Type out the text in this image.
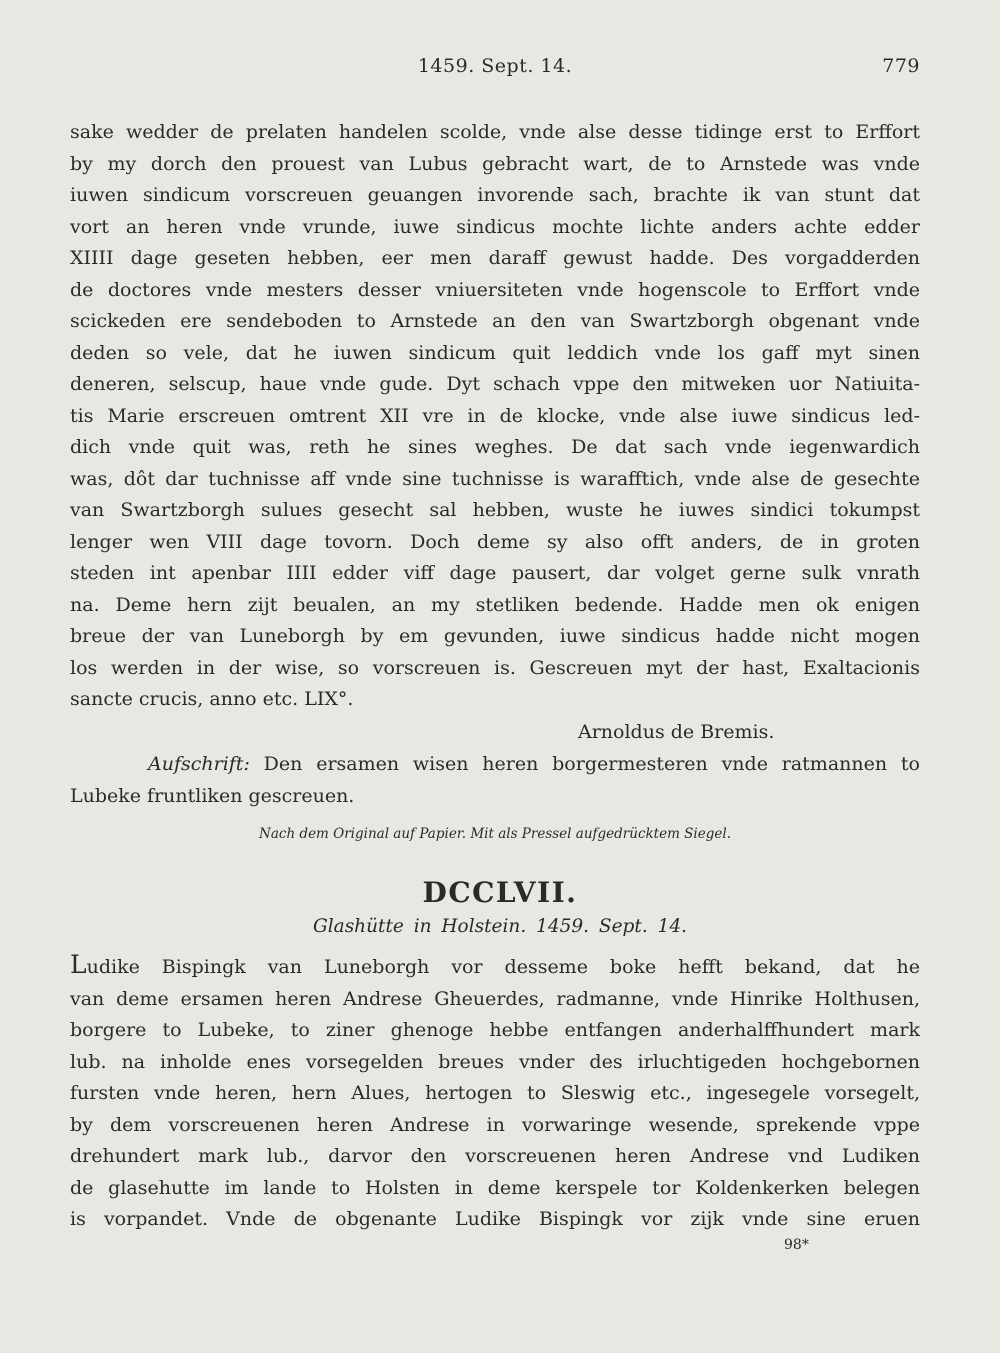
1459. Sept. 14.	779
sake wedder de prelaten handelen scolde, vnde alse desse tidinge erst to Erffort
by my dorch den prouest van Lubus gebracht wart, de to Arnstede was vnde
iuwen sindicum vorscreuen geuangen invorende sach, brachte ik van stunt dat
vort an heren vnde vrunde, iuwe sindicus mochte lichte anders achte edder
XIIII dage geseten hebben, eer men daraff gewust hadde. Des vorgadderden
de doctores vnde mesters desser vniuersiteten vnde hogenscole to Erffort vnde
scickeden ere sendeboden to Arnstede an den van Swartzborgh obgenant vnde
deden so vele, dat he iuwen sindicum quit leddich vnde los gaff myt sinen
deneren, selscup, haue vnde gude. Dyt schach vppe den mitweken uor Natiuita-
tis Marie erscreuen omtrent XII vre in de klocke, vnde alse iuwe sindicus led-
dich vnde quit was, reth he sines weghes. De dat sach vnde iegenwardich
was, dôt dar tuchnisse aff vnde sine tuchnisse is warafftich, vnde alse de gesechte
van Swartzborgh sulues gesecht sal hebben, wuste he iuwes sindici tokumpst
lenger wen VIII dage tovorn. Doch deme sy also offt anders, de in groten
steden int apenbar IIII edder viff dage pausert, dar volget gerne sulk vnrath
na. Deme hern zijt beualen, an my stetliken bedende. Hadde men ok enigen
breue der van Luneborgh by em gevunden, iuwe sindicus hadde nicht mogen
los werden in der wise, so vorscreuen is. Gescreuen myt der hast, Exaltacionis
sancte crucis, anno etc. LIX°.
Arnoldus de Bremis.
Aufschrift: Den ersamen wisen heren borgermesteren vnde ratmannen to
Lubeke fruntliken gescreuen.
Nach dem Original auf Papier. Mit als Pressel aufgedrücktem Siegel.
DCCLVII.
Glashütte in Holstein. 1459. Sept. 14.
Ludike Bispingk van Luneborgh vor desseme boke hefft bekand, dat he
van deme ersamen heren Andrese Gheuerdes, radmanne, vnde Hinrike Holthusen,
borgere to Lubeke, to ziner ghenoge hebbe entfangen anderhalffhundert mark
lub. na inholde enes vorsegelden breues vnder des irluchtigeden hochgebornen
fursten vnde heren, hern Alues, hertogen to Sleswig etc., ingesegele vorsegelt,
by dem vorscreuenen heren Andrese in vorwaringe wesende, sprekende vppe
drehundert mark lub., darvor den vorscreuenen heren Andrese vnd Ludiken
de glasehutte im lande to Holsten in deme kerspele tor Koldenkerken belegen
is vorpandet. Vnde de obgenante Ludike Bispingk vor zijk vnde sine eruen
98*
